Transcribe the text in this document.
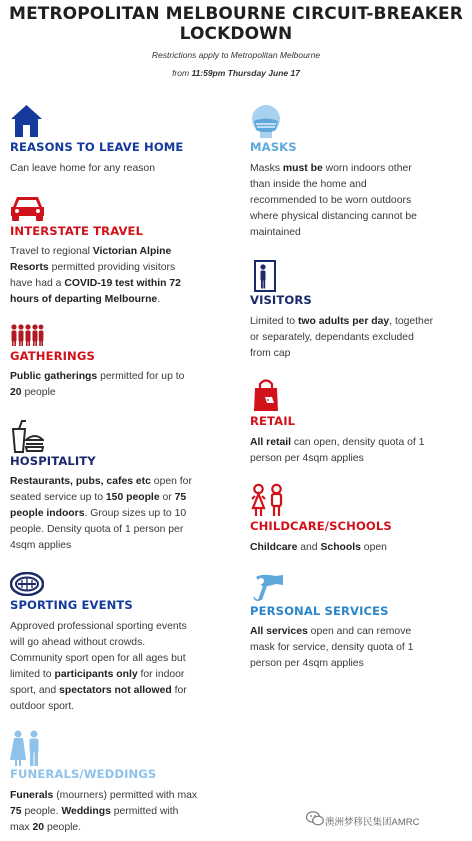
METROPOLITAN MELBOURNE CIRCUIT-BREAKER
LOCKDOWN
Restrictions apply to Metropolitan Melbourne
from 11:59pm Thursday June 17
REASONS TO LEAVE HOME
Can leave home for any reason
INTERSTATE TRAVEL
Travel to regional Victorian Alpine
Resorts permitted providing visitors
have had a COVID-19 test within 72
hours of departing Melbourne.
GATHERINGS
Public gatherings permitted for up to
20 people
HOSPITALITY
Restaurants, pubs, cafes etc open for
seated service up to 150 people or 75
people indoors. Group sizes up to 10
people. Density quota of 1 person per
4sqm applies
SPORTING EVENTS
Approved professional sporting events
will go ahead without crowds.
Community sport open for all ages but
limited to participants only for indoor
sport, and spectators not allowed for
outdoor sport.
FUNERALS/WEDDINGS
Funerals (mourners) permitted with max
75 people. Weddings permitted with
max 20 people.
MASKS
Masks must be worn indoors other
than inside the home and
recommended to be worn outdoors
where physical distancing cannot be
maintained
VISITORS
Limited to two adults per day, together
or separately, dependants excluded
from cap
RETAIL
All retail can open, density quota of 1
person per 4sqm applies
CHILDCARE/SCHOOLS
Childcare and Schools open
PERSONAL SERVICES
All services open and can remove
mask for service, density quota of 1
person per 4sqm applies
澳洲梦移民集团AMRC
